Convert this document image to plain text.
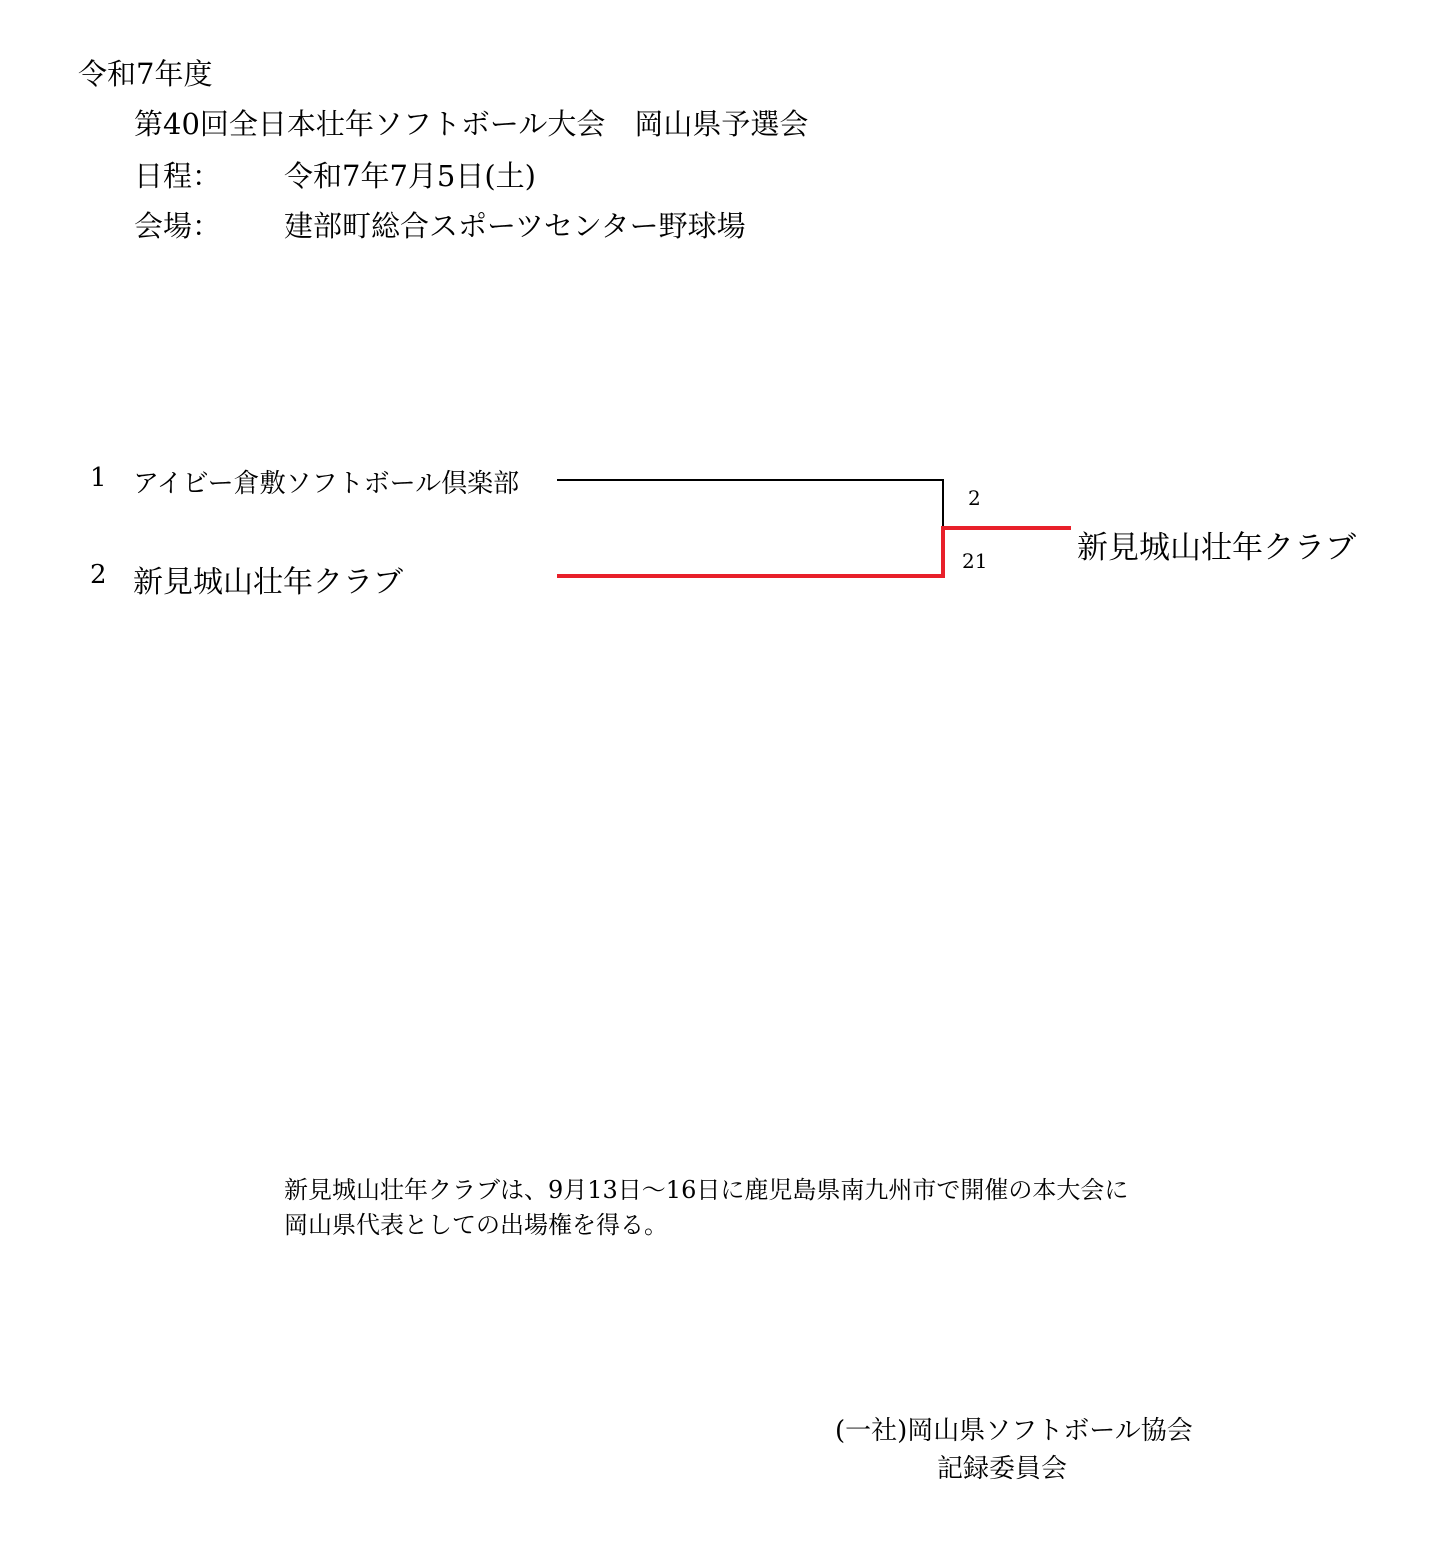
令和7年度
第40回全日本壮年ソフトボール大会　岡山県予選会
日程： 令和7年7月5日(土)
会場： 建部町総合スポーツセンター野球場
1 アイビー倉敷ソフトボール倶楽部
2 新見城山壮年クラブ
2
21	新見城山壮年クラブ
新見城山壮年クラブは、9月13日～16日に鹿児島県南九州市で開催の本大会に
岡山県代表としての出場権を得る。
(一社)岡山県ソフトボール協会
記録委員会
